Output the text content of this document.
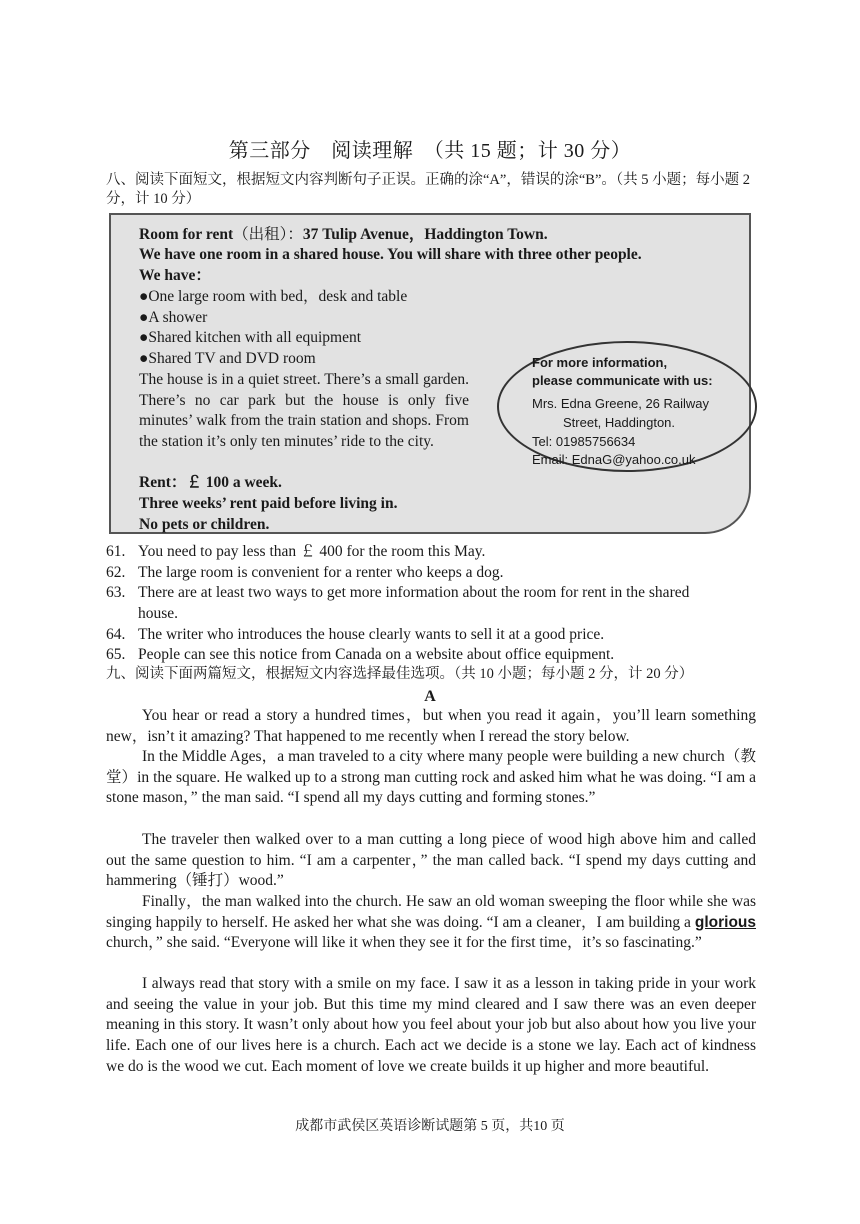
第三部分　阅读理解　（共 15 题；计 30 分）
八、阅读下面短文，根据短文内容判断句子正误。正确的涂“A”，错误的涂“B”。（共 5 小题；每小题 2 分，计 10 分）
Room for rent（出租）：37 Tulip Avenue，Haddington Town.
We have one room in a shared house. You will share with three other people.
We have：
●One large room with bed，desk and table
●A shower
●Shared kitchen with all equipment
●Shared TV and DVD room
The house is in a quiet street. There’s a small garden. There’s no car park but the house is only five minutes’ walk from the train station and shops. From the station it’s only ten minutes’ ride to the city.
Rent：￡ 100 a week.
Three weeks’ rent paid before living in.
No pets or children.
For more information,
please communicate with us:
Mrs. Edna Greene, 26 Railway
Street, Haddington.
Tel: 01985756634
Email: EdnaG@yahoo.co.uk
61. You need to pay less than ￡ 400 for the room this May.
62. The large room is convenient for a renter who keeps a dog.
63. There are at least two ways to get more information about the room for rent in the shared
house.
64. The writer who introduces the house clearly wants to sell it at a good price.
65. People can see this notice from Canada on a website about office equipment.
九、阅读下面两篇短文，根据短文内容选择最佳选项。（共 10 小题；每小题 2 分，计 20 分）
A
You hear or read a story a hundred times，but when you read it again，you’ll learn something new，isn’t it amazing? That happened to me recently when I reread the story below.
In the Middle Ages，a man traveled to a city where many people were building a new church（教堂）in the square. He walked up to a strong man cutting rock and asked him what he was doing. “I am a stone mason，” the man said. “I spend all my days cutting and forming stones.”
The traveler then walked over to a man cutting a long piece of wood high above him and called out the same question to him. “I am a carpenter，” the man called back. “I spend my days cutting and hammering（锤打）wood.”
Finally，the man walked into the church. He saw an old woman sweeping the floor while she was singing happily to herself. He asked her what she was doing. “I am a cleaner，I am building a glorious church，” she said. “Everyone will like it when they see it for the first time，it’s so fascinating.”
I always read that story with a smile on my face. I saw it as a lesson in taking pride in your work and seeing the value in your job. But this time my mind cleared and I saw there was an even deeper meaning in this story. It wasn’t only about how you feel about your job but also about how you live your life. Each one of our lives here is a church. Each act we decide is a stone we lay. Each act of kindness we do is the wood we cut. Each moment of love we create builds it up higher and more beautiful.
成都市武侯区英语诊断试题第 5 页，共10 页
